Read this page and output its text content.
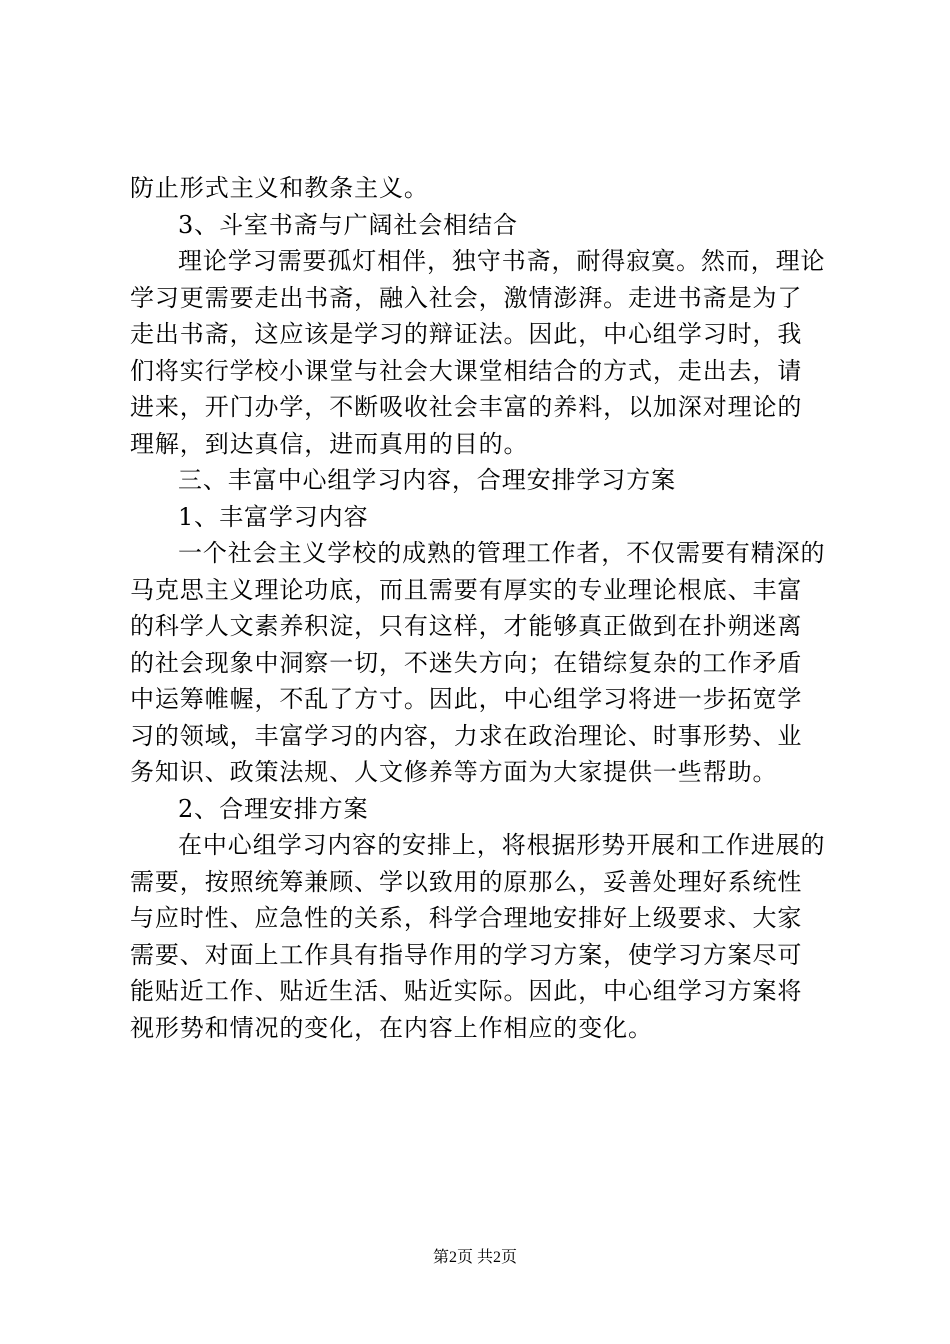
防止形式主义和教条主义。
3、斗室书斋与广阔社会相结合
理论学习需要孤灯相伴，独守书斋，耐得寂寞。然而，理论
学习更需要走出书斋，融入社会，激情澎湃。走进书斋是为了
走出书斋，这应该是学习的辩证法。因此，中心组学习时，我
们将实行学校小课堂与社会大课堂相结合的方式，走出去，请
进来，开门办学，不断吸收社会丰富的养料，以加深对理论的
理解，到达真信，进而真用的目的。
三、丰富中心组学习内容，合理安排学习方案
1、丰富学习内容
一个社会主义学校的成熟的管理工作者，不仅需要有精深的
马克思主义理论功底，而且需要有厚实的专业理论根底、丰富
的科学人文素养积淀，只有这样，才能够真正做到在扑朔迷离
的社会现象中洞察一切，不迷失方向；在错综复杂的工作矛盾
中运筹帷幄，不乱了方寸。因此，中心组学习将进一步拓宽学
习的领域，丰富学习的内容，力求在政治理论、时事形势、业
务知识、政策法规、人文修养等方面为大家提供一些帮助。
2、合理安排方案
在中心组学习内容的安排上，将根据形势开展和工作进展的
需要，按照统筹兼顾、学以致用的原那么，妥善处理好系统性
与应时性、应急性的关系，科学合理地安排好上级要求、大家
需要、对面上工作具有指导作用的学习方案，使学习方案尽可
能贴近工作、贴近生活、贴近实际。因此，中心组学习方案将
视形势和情况的变化，在内容上作相应的变化。
第2页 共2页
